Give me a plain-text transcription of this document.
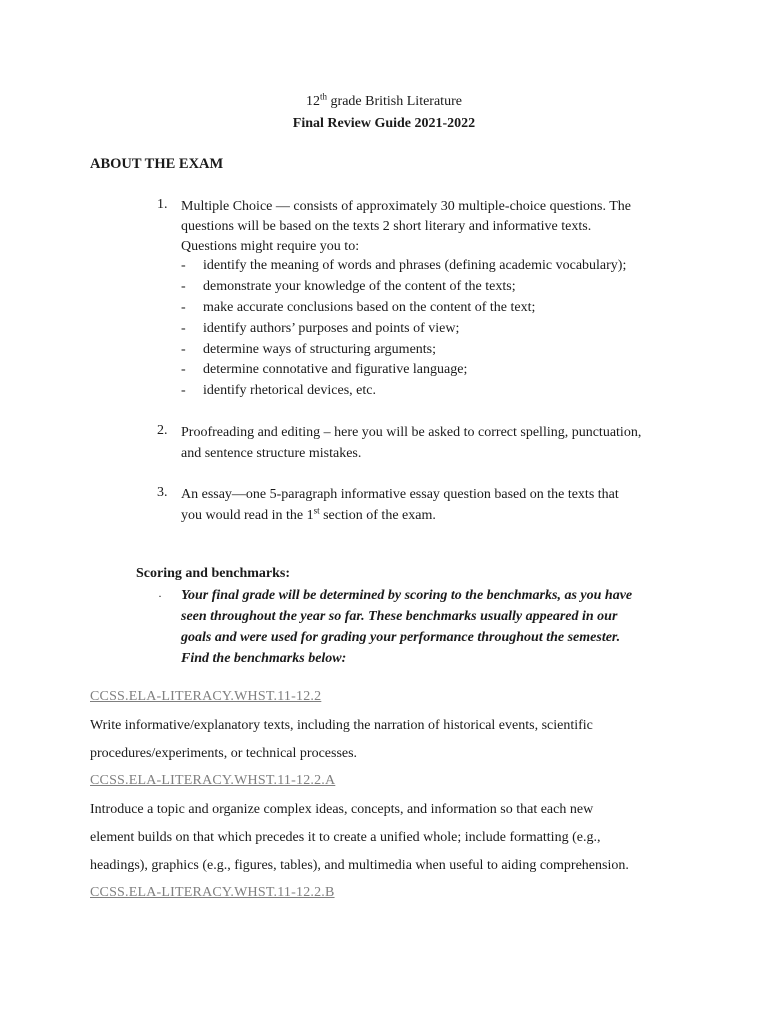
12th grade British Literature
Final Review Guide 2021-2022
ABOUT THE EXAM
1. Multiple Choice — consists of approximately 30 multiple-choice questions. The
questions will be based on the texts 2 short literary and informative texts.
Questions might require you to:
- identify the meaning of words and phrases (defining academic vocabulary);
- demonstrate your knowledge of the content of the texts;
- make accurate conclusions based on the content of the text;
- identify authors’ purposes and points of view;
- determine ways of structuring arguments;
- determine connotative and figurative language;
- identify rhetorical devices, etc.
2. Proofreading and editing – here you will be asked to correct spelling, punctuation,
and sentence structure mistakes.
3. An essay—one 5-paragraph informative essay question based on the texts that
you would read in the 1st section of the exam.
Scoring and benchmarks:
· Your final grade will be determined by scoring to the benchmarks, as you have
seen throughout the year so far. These benchmarks usually appeared in our
goals and were used for grading your performance throughout the semester.
Find the benchmarks below:
CCSS.ELA-LITERACY.WHST.11-12.2
Write informative/explanatory texts, including the narration of historical events, scientific
procedures/experiments, or technical processes.
CCSS.ELA-LITERACY.WHST.11-12.2.A
Introduce a topic and organize complex ideas, concepts, and information so that each new
element builds on that which precedes it to create a unified whole; include formatting (e.g.,
headings), graphics (e.g., figures, tables), and multimedia when useful to aiding comprehension.
CCSS.ELA-LITERACY.WHST.11-12.2.B
